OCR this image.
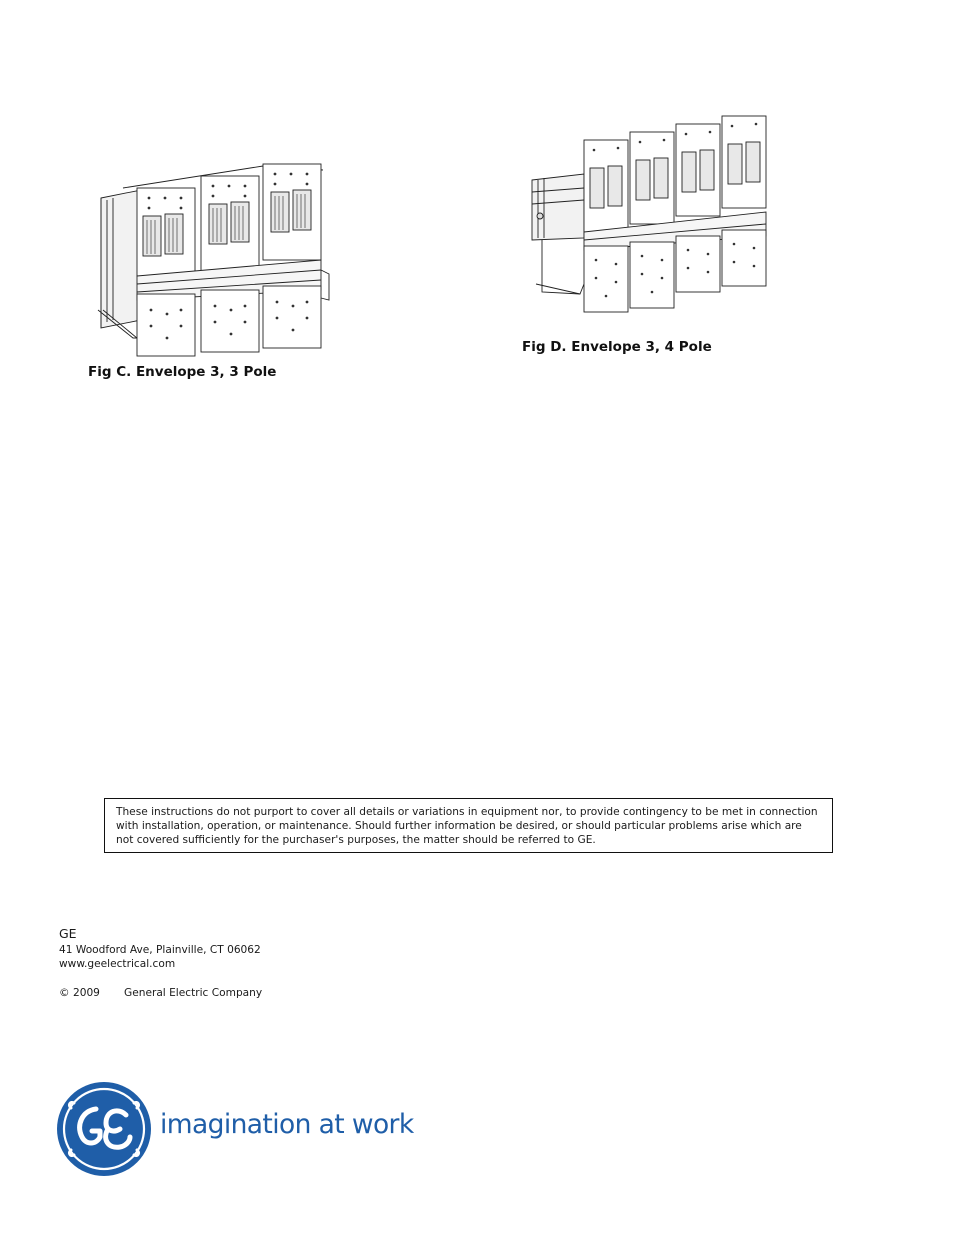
Fig C. Envelope 3, 3 Pole
Fig D. Envelope 3, 4 Pole
These instructions do not purport to cover all details or variations in equipment nor, to provide contingency to be met in connection with installation, operation, or maintenance. Should further information be desired, or should particular problems arise which are not covered sufficiently for the purchaser's purposes, the matter should be referred to GE.
GE
41 Woodford Ave, Plainville, CT 06062
www.geelectrical.com
© 2009 General Electric Company
imagination at work
